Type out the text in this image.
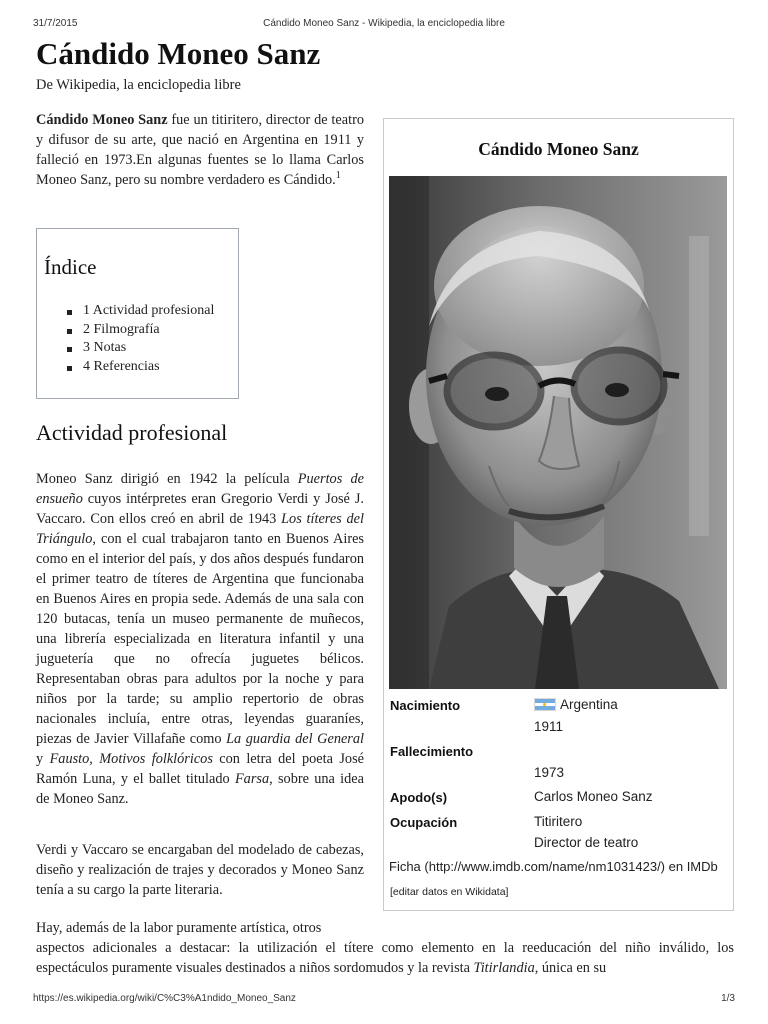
31/7/2015	Cándido Moneo Sanz - Wikipedia, la enciclopedia libre
Cándido Moneo Sanz
De Wikipedia, la enciclopedia libre

Cándido Moneo Sanz fue un titiritero, director de teatro y difusor de su arte, que nació en Argentina en 1911 y falleció en 1973.En algunas fuentes se lo llama Carlos Moneo Sanz, pero su nombre verdadero es Cándido.$^1$

Índice
1 Actividad profesional
2 Filmografía
3 Notas
4 Referencias
Actividad profesional

Moneo Sanz dirigió en 1942 la película Puertos de ensueño cuyos intérpretes eran Gregorio Verdi y José J. Vaccaro. Con ellos creó en abril de 1943 Los títeres del Triángulo, con el cual trabajaron tanto en Buenos Aires como en el interior del país, y dos años después fundaron el primer teatro de títeres de Argentina que funcionaba en Buenos Aires en propia sede. Además de una sala con 120 butacas, tenía un museo permanente de muñecos, una librería especializada en literatura infantil y una juguetería que no ofrecía juguetes bélicos. Representaban obras para adultos por la noche y para niños por la tarde; su amplio repertorio de obras nacionales incluía, entre otras, leyendas guaraníes, piezas de Javier Villafañe como La guardia del General y Fausto, Motivos folklóricos con letra del poeta José Ramón Luna, y el ballet titulado Farsa, sobre una idea de Moneo Sanz.

Verdi y Vaccaro se encargaban del modelado de cabezas, diseño y realización de trajes y decorados y Moneo Sanz tenía a su cargo la parte literaria.

Hay, además de la labor puramente artística, otros

aspectos adicionales a destacar: la utilización el títere como elemento en la reeducación del niño inválido, los espectáculos puramente visuales destinados a niños sordomudos y la revista Titirlandia, única en su

Cándido Moneo Sanz
Nacimiento	Argentina
1911
Fallecimiento
1973
Apodo(s)	Carlos Moneo Sanz
Ocupación	Titiritero
Director de teatro
Ficha (http://www.imdb.com/name/nm1031423/) en IMDb
[editar datos en Wikidata]
https://es.wikipedia.org/wiki/C%C3%A1ndido_Moneo_Sanz	1/3
